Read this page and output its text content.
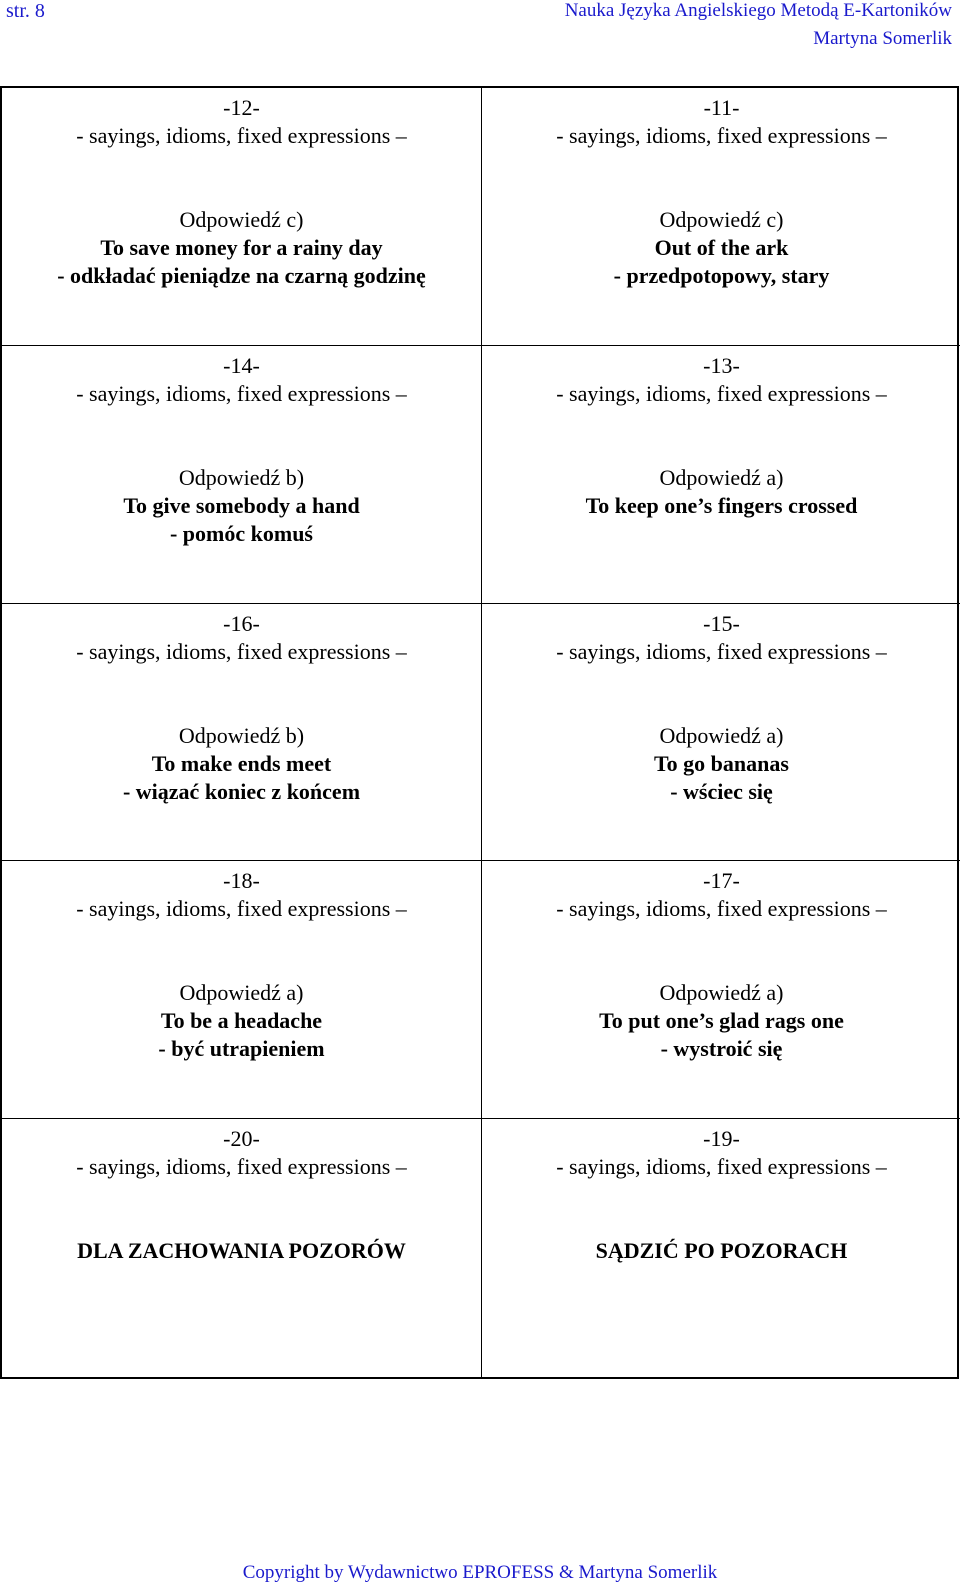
str. 8	Nauka Języka Angielskiego Metodą E-Kartoników
Martyna Somerlik
-12-
- sayings, idioms, fixed expressions –
Odpowiedź c)
To save money for a rainy day
- odkładać pieniądze na czarną godzinę
-11-
- sayings, idioms, fixed expressions –
Odpowiedź c)
Out of the ark
- przedpotopowy, stary
-14-
- sayings, idioms, fixed expressions –
Odpowiedź b)
To give somebody a hand
- pomóc komuś
-13-
- sayings, idioms, fixed expressions –
Odpowiedź a)
To keep one’s fingers crossed
-16-
- sayings, idioms, fixed expressions –
Odpowiedź b)
To make ends meet
- wiązać koniec z końcem
-15-
- sayings, idioms, fixed expressions –
Odpowiedź a)
To go bananas
- wściec się
-18-
- sayings, idioms, fixed expressions –
Odpowiedź a)
To be a headache
- być utrapieniem
-17-
- sayings, idioms, fixed expressions –
Odpowiedź a)
To put one’s glad rags one
- wystroić się
-20-
- sayings, idioms, fixed expressions –
DLA ZACHOWANIA POZORÓW
-19-
- sayings, idioms, fixed expressions –
SĄDZIĆ PO POZORACH
Copyright by Wydawnictwo EPROFESS & Martyna Somerlik
